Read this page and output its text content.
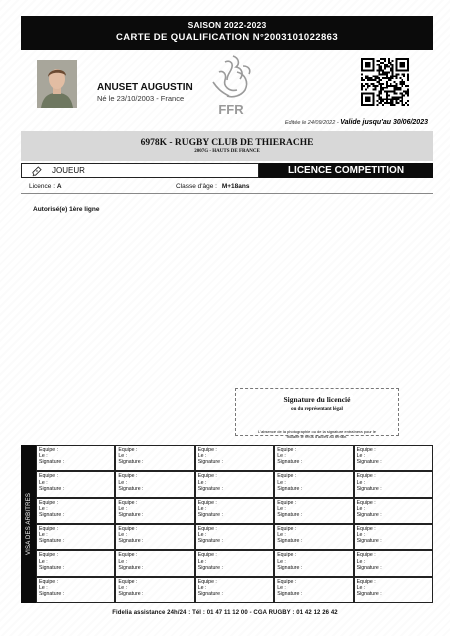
SAISON 2022-2023
CARTE DE QUALIFICATION N°2003101022863
ANUSET AUGUSTIN
Né le 23/10/2003 - France
FFR
Editée le 24/09/2022 - Valide jusqu'au 30/06/2023
6978K - RUGBY CLUB DE THIERACHE
2007G - HAUTS DE FRANCE
JOUEUR	LICENCE COMPETITION
Licence : A	Classe d'âge : M+18ans
Autorisé(e) 1ère ligne
Signature du licencié
ou du représentant légal
L'absence de la photographie ou de la signature entraînera pour le titulaire le refus d'accès au terrain.
VISA DES ARBITRES
Equipe :
Le :
Signature :
Equipe :
Le :
Signature :
Equipe :
Le :
Signature :
Equipe :
Le :
Signature :
Equipe :
Le :
Signature :
Equipe :
Le :
Signature :
Equipe :
Le :
Signature :
Equipe :
Le :
Signature :
Equipe :
Le :
Signature :
Equipe :
Le :
Signature :
Equipe :
Le :
Signature :
Equipe :
Le :
Signature :
Equipe :
Le :
Signature :
Equipe :
Le :
Signature :
Equipe :
Le :
Signature :
Equipe :
Le :
Signature :
Equipe :
Le :
Signature :
Equipe :
Le :
Signature :
Equipe :
Le :
Signature :
Equipe :
Le :
Signature :
Equipe :
Le :
Signature :
Equipe :
Le :
Signature :
Equipe :
Le :
Signature :
Equipe :
Le :
Signature :
Equipe :
Le :
Signature :
Equipe :
Le :
Signature :
Equipe :
Le :
Signature :
Equipe :
Le :
Signature :
Equipe :
Le :
Signature :
Equipe :
Le :
Signature :
Fidelia assistance 24h/24 : Tél : 01 47 11 12 00 - CGA RUGBY : 01 42 12 26 42
